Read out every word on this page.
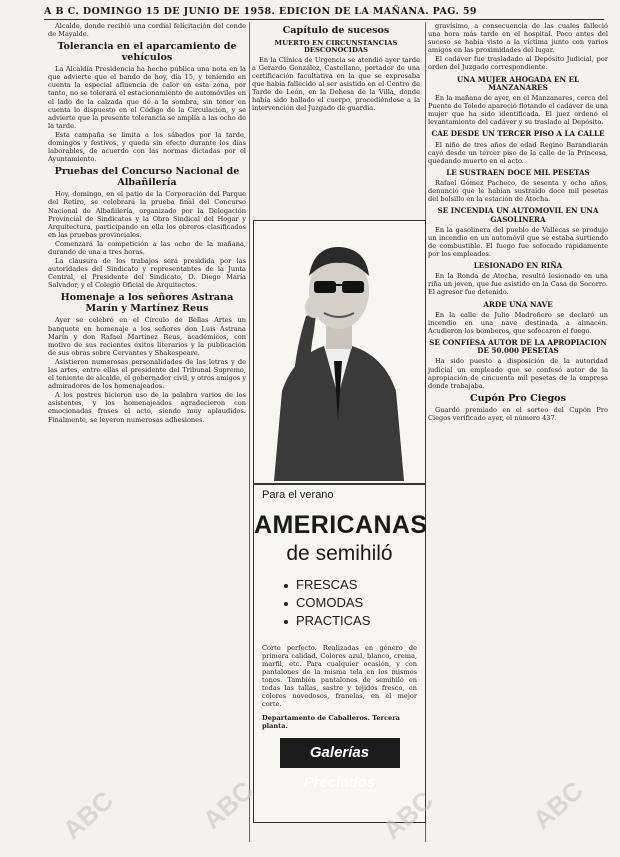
A B C. DOMINGO 15 DE JUNIO DE 1958. EDICION DE LA MAÑANA. PAG. 59

Alcalde, donde recibió una cordial felicitación del conde de Mayalde.

Tolerancia en el aparcamiento de vehículos

La Alcaldía Presidencia ha hecho pública una nota en la que advierte que el bando de hoy, día 15, y teniendo en cuenta la especial afluencia de calor en esta zona, por tanto, no se tolerará el estacionamiento de automóviles en el lado de la calzada que dé a la sombra, sin tener en cuenta lo dispuesto en el Código de la Circulación, y se advierte que la presente tolerancia se amplía a las ocho de la tarde.

Esta campaña se limita a los sábados por la tarde, domingos y festivos, y queda sin efecto durante los días laborables, de acuerdo con las normas dictadas por el Ayuntamiento.

Pruebas del Concurso Nacional de Albañilería

Hoy, domingo, en el patio de la Corporación del Parque del Retiro, se celebrará la prueba final del Concurso Nacional de Albañilería, organizado por la Delegación Provincial de Sindicatos y la Obra Sindical del Hogar y Arquitectura, participando en ella los obreros clasificados en las pruebas provinciales.

Comenzará la competición a las ocho de la mañana, durando de una a tres horas.

La clausura de los trabajos será presidida por las autoridades del Sindicato y representantes de la Junta Central, el Presidente del Sindicato, D. Diego María Salvador, y el Colegio Oficial de Arquitectos.

Homenaje a los señores Astrana Marín y Martínez Reus

Ayer se celebró en el Círculo de Bellas Artes un banquete en homenaje a los señores don Luis Astrana Marín y don Rafael Martínez Reus, académicos, con motivo de sus recientes éxitos literarios y la publicación de sus obras sobre Cervantes y Shakespeare.

Asistieron numerosas personalidades de las letras y de las artes, entre ellas el presidente del Tribunal Supremo, el teniente de alcalde, el gobernador civil, y otros amigos y admiradores de los homenajeados.

A los postres hicieron uso de la palabra varios de los asistentes, y los homenajeados agradecieron con emocionadas frases el acto, siendo muy aplaudidos. Finalmente, se leyeron numerosas adhesiones.

Capítulo de sucesos
MUERTO EN CIRCUNSTANCIAS DESCONOCIDAS

En la Clínica de Urgencia se atendió ayer tarde a Gerardo González, Castellano, portador de una certificación facultativa en la que se expresaba que había fallecido al ser asistido en el Centro de Tarde de León, en la Dehesa de la Villa, donde había sido hallado el cuerpo, procediéndose a la intervención del Juzgado de guardia.

Para el verano
AMERICANAS
de semihiló
FRESCAS
COMODAS
PRACTICAS
Corte perfecto. Realizadas en género de primera calidad. Colores azul, blanco, crema, marfil, etc. Para cualquier ocasión, y con pantalones de la misma tela en los mismos tonos. También pantalones de semihiló en todas las tallas, sastre y tejidos fresco, en colores novedosos, franelas, en el mejor corte.
Departamento de Caballeros. Tercera planta.
Galerías Preciados

gravísimo, a consecuencia de las cuales falleció una hora más tarde en el hospital. Poco antes del suceso se había visto a la víctima junto con varios amigos en las proximidades del lugar.

El cadáver fue trasladado al Depósito Judicial, por orden del Juzgado correspondiente.

UNA MUJER AHOGADA EN EL MANZANARES

En la mañana de ayer, en el Manzanares, cerca del Puente de Toledo apareció flotando el cadáver de una mujer que ha sido identificada. El juez ordenó el levantamiento del cadáver y su traslado al Depósito.

CAE DESDE UN TERCER PISO A LA CALLE

El niño de tres años de edad Regino Barandiarán cayó desde un tercer piso de la calle de la Princesa, quedando muerto en el acto.

LE SUSTRAEN DOCE MIL PESETAS

Rafael Gómez Pacheco, de sesenta y ocho años, denunció que le habían sustraído doce mil pesetas del bolsillo en la estación de Atocha.

SE INCENDIA UN AUTOMOVIL EN UNA GASOLINERA

En la gasolinera del pueblo de Vallecas se produjo un incendio en un automóvil que se estaba surtiendo de combustible. El fuego fue sofocado rápidamente por los empleados.

LESIONADO EN RIÑA

En la Ronda de Atocha, resultó lesionado en una riña un joven, que fue asistido en la Casa de Socorro. El agresor fue detenido.

ARDE UNA NAVE

En la calle de Julio Madroñero se declaró un incendio en una nave destinada a almacén. Acudieron los bomberos, que sofocaron el fuego.

SE CONFIESA AUTOR DE LA APROPIACION DE 50.000 PESETAS

Ha sido puesto a disposición de la autoridad judicial un empleado que se confesó autor de la apropiación de cincuenta mil pesetas de la empresa donde trabajaba.

Cupón Pro Ciegos

Guardó premiado en el sorteo del Cupón Pro Ciegos verificado ayer, el número 437.

ABC	ABC	ABC	ABC
